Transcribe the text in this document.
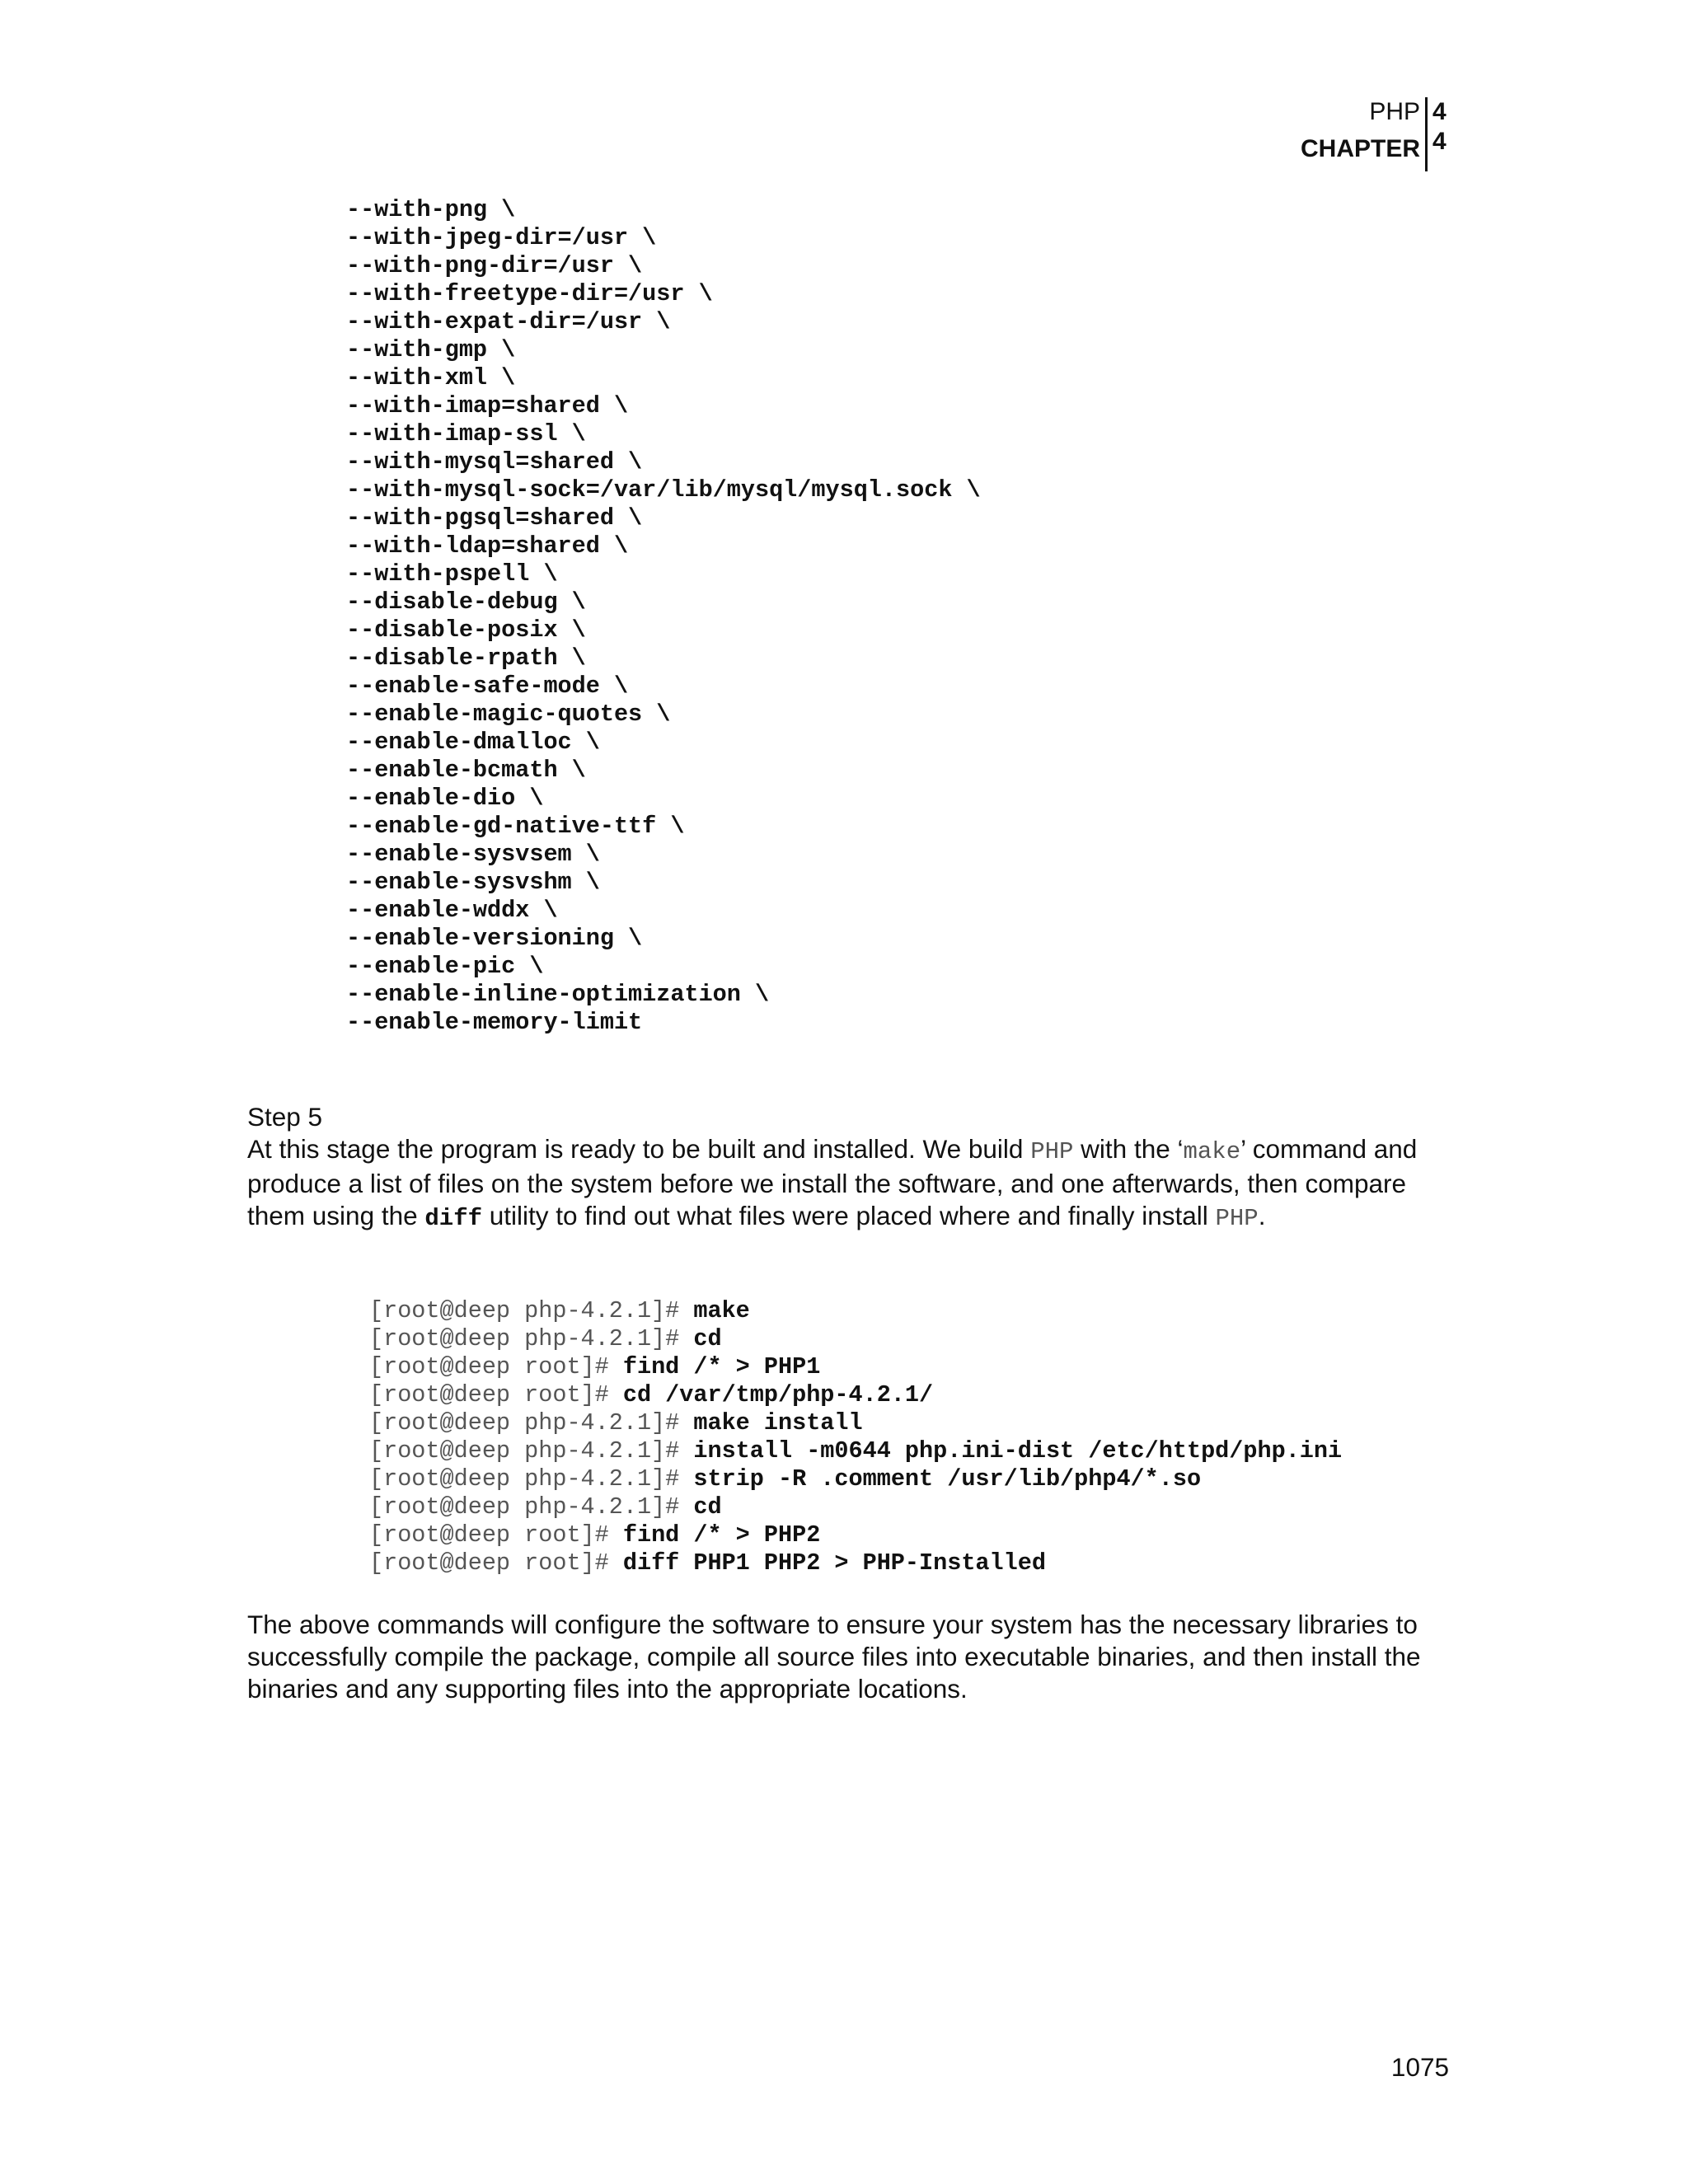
PHP 4
CHAPTER 4
--with-png \
--with-jpeg-dir=/usr \
--with-png-dir=/usr \
--with-freetype-dir=/usr \
--with-expat-dir=/usr \
--with-gmp \
--with-xml \
--with-imap=shared \
--with-imap-ssl \
--with-mysql=shared \
--with-mysql-sock=/var/lib/mysql/mysql.sock \
--with-pgsql=shared \
--with-ldap=shared \
--with-pspell \
--disable-debug \
--disable-posix \
--disable-rpath \
--enable-safe-mode \
--enable-magic-quotes \
--enable-dmalloc \
--enable-bcmath \
--enable-dio \
--enable-gd-native-ttf \
--enable-sysvsem \
--enable-sysvshm \
--enable-wddx \
--enable-versioning \
--enable-pic \
--enable-inline-optimization \
--enable-memory-limit
Step 5
At this stage the program is ready to be built and installed. We build PHP with the ‘make’ command and produce a list of files on the system before we install the software, and one afterwards, then compare them using the diff utility to find out what files were placed where and finally install PHP.
[root@deep php-4.2.1]# make
[root@deep php-4.2.1]# cd
[root@deep root]# find /* > PHP1
[root@deep root]# cd /var/tmp/php-4.2.1/
[root@deep php-4.2.1]# make install
[root@deep php-4.2.1]# install -m0644 php.ini-dist /etc/httpd/php.ini
[root@deep php-4.2.1]# strip -R .comment /usr/lib/php4/*.so
[root@deep php-4.2.1]# cd
[root@deep root]# find /* > PHP2
[root@deep root]# diff PHP1 PHP2 > PHP-Installed
The above commands will configure the software to ensure your system has the necessary libraries to successfully compile the package, compile all source files into executable binaries, and then install the binaries and any supporting files into the appropriate locations.
1075
